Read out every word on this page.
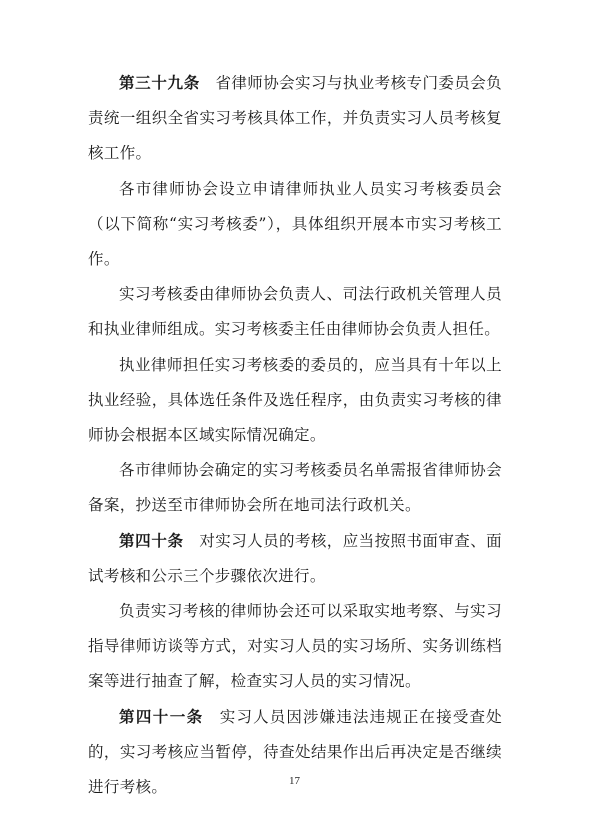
第三十九条 省律师协会实习与执业考核专门委员会负责统一组织全省实习考核具体工作，并负责实习人员考核复核工作。

各市律师协会设立申请律师执业人员实习考核委员会（以下简称“实习考核委”），具体组织开展本市实习考核工作。

实习考核委由律师协会负责人、司法行政机关管理人员和执业律师组成。实习考核委主任由律师协会负责人担任。

执业律师担任实习考核委的委员的，应当具有十年以上执业经验，具体选任条件及选任程序，由负责实习考核的律师协会根据本区域实际情况确定。

各市律师协会确定的实习考核委员名单需报省律师协会备案，抄送至市律师协会所在地司法行政机关。

第四十条 对实习人员的考核，应当按照书面审查、面试考核和公示三个步骤依次进行。

负责实习考核的律师协会还可以采取实地考察、与实习指导律师访谈等方式，对实习人员的实习场所、实务训练档案等进行抽查了解，检查实习人员的实习情况。

第四十一条 实习人员因涉嫌违法违规正在接受查处的，实习考核应当暂停，待查处结果作出后再决定是否继续进行考核。	17
